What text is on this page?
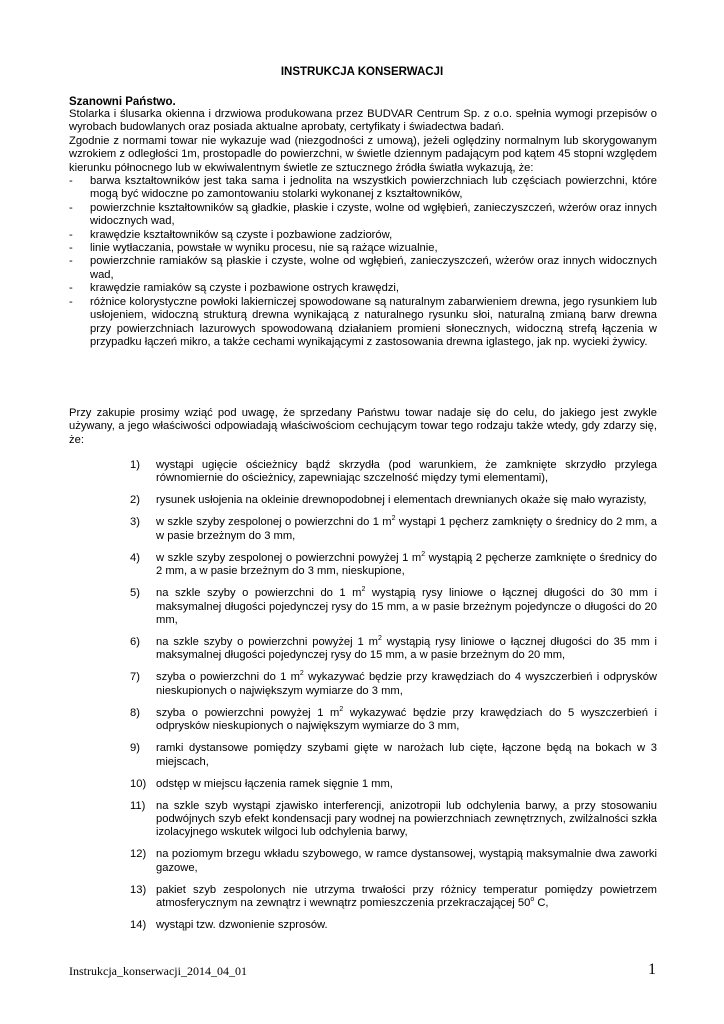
INSTRUKCJA KONSERWACJI
Szanowni Państwo.
Stolarka i ślusarka okienna i drzwiowa produkowana przez BUDVAR Centrum Sp. z o.o. spełnia wymogi przepisów o wyrobach budowlanych oraz posiada aktualne aprobaty, certyfikaty i świadectwa badań.
Zgodnie z normami towar nie wykazuje wad (niezgodności z umową), jeżeli oględziny normalnym lub skorygowanym wzrokiem z odległości 1m, prostopadle do powierzchni, w świetle dziennym padającym pod kątem 45 stopni względem kierunku północnego lub w ekwiwalentnym świetle ze sztucznego źródła światła wykazują, że:
- barwa kształtowników jest taka sama i jednolita na wszystkich powierzchniach lub częściach powierzchni, które mogą być widoczne po zamontowaniu stolarki wykonanej z kształtowników,
- powierzchnie kształtowników są gładkie, płaskie i czyste, wolne od wgłębień, zanieczyszczeń, wżerów oraz innych widocznych wad,
- krawędzie kształtowników są czyste i pozbawione zadziorów,
- linie wytłaczania, powstałe w wyniku procesu, nie są rażące wizualnie,
- powierzchnie ramiaków są płaskie i czyste, wolne od wgłębień, zanieczyszczeń, wżerów oraz innych widocznych wad,
- krawędzie ramiaków są czyste i pozbawione ostrych krawędzi,
- różnice kolorystyczne powłoki lakierniczej spowodowane są naturalnym zabarwieniem drewna, jego rysunkiem lub usłojeniem, widoczną strukturą drewna wynikającą z naturalnego rysunku słoi, naturalną zmianą barw drewna przy powierzchniach lazurowych spowodowaną działaniem promieni słonecznych, widoczną strefą łączenia w przypadku łączeń mikro, a także cechami wynikającymi z zastosowania drewna iglastego, jak np. wycieki żywicy.
Przy zakupie prosimy wziąć pod uwagę, że sprzedany Państwu towar nadaje się do celu, do jakiego jest zwykle używany, a jego właściwości odpowiadają właściwościom cechującym towar tego rodzaju także wtedy, gdy zdarzy się, że:
1) wystąpi ugięcie ościeżnicy bądź skrzydła (pod warunkiem, że zamknięte skrzydło przylega równomiernie do ościeżnicy, zapewniając szczelność między tymi elementami),
2) rysunek usłojenia na okleinie drewnopodobnej i elementach drewnianych okaże się mało wyrazisty,
3) w szkle szyby zespolonej o powierzchni do 1 $m^2$ wystąpi 1 pęcherz zamknięty o średnicy do 2 mm, a w pasie brzeżnym do 3 mm,
4) w szkle szyby zespolonej o powierzchni powyżej 1 $m^2$ wystąpią 2 pęcherze zamknięte o średnicy do 2 mm, a w pasie brzeżnym do 3 mm, nieskupione,
5) na szkle szyby o powierzchni do 1 $m^2$ wystąpią rysy liniowe o łącznej długości do 30 mm i maksymalnej długości pojedynczej rysy do 15 mm, a w pasie brzeżnym pojedyncze o długości do 20 mm,
6) na szkle szyby o powierzchni powyżej 1 $m^2$ wystąpią rysy liniowe o łącznej długości do 35 mm i maksymalnej długości pojedynczej rysy do 15 mm, a w pasie brzeżnym do 20 mm,
7) szyba o powierzchni do 1 $m^2$ wykazywać będzie przy krawędziach do 4 wyszczerbień i odprysków nieskupionych o największym wymiarze do 3 mm,
8) szyba o powierzchni powyżej 1 $m^2$ wykazywać będzie przy krawędziach do 5 wyszczerbień i odprysków nieskupionych o największym wymiarze do 3 mm,
9) ramki dystansowe pomiędzy szybami gięte w narożach lub cięte, łączone będą na bokach w 3 miejscach,
10) odstęp w miejscu łączenia ramek sięgnie 1 mm,
11) na szkle szyb wystąpi zjawisko interferencji, anizotropii lub odchylenia barwy, a przy stosowaniu podwójnych szyb efekt kondensacji pary wodnej na powierzchniach zewnętrznych, zwilżalności szkła izolacyjnego wskutek wilgoci lub odchylenia barwy,
12) na poziomym brzegu wkładu szybowego, w ramce dystansowej, wystąpią maksymalnie dwa zaworki gazowe,
13) pakiet szyb zespolonych nie utrzyma trwałości przy różnicy temperatur pomiędzy powietrzem atmosferycznym na zewnątrz i wewnątrz pomieszczenia przekraczającej 50$^o$ C,
14) wystąpi tzw. dzwonienie szprosów.
Instrukcja_konserwacji_2014_04_01	1
